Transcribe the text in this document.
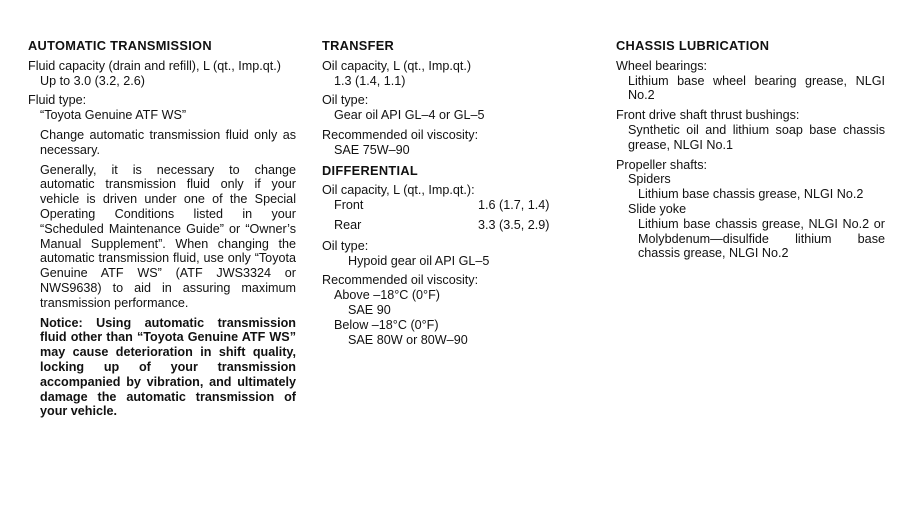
AUTOMATIC TRANSMISSION
Fluid capacity (drain and refill), L (qt., Imp.qt.)
Up to 3.0 (3.2, 2.6)
Fluid type:
“Toyota Genuine ATF WS”
Change automatic transmission fluid only as necessary.
Generally, it is necessary to change automatic transmission fluid only if your vehicle is driven under one of the Special Operating Conditions listed in your “Scheduled Maintenance Guide” or “Owner’s Manual Supplement”. When changing the automatic transmission fluid, use only “Toyota Genuine ATF WS” (ATF JWS3324 or NWS9638) to aid in assuring maximum transmission performance.
Notice: Using automatic transmission fluid other than “Toyota Genuine ATF WS” may cause deterioration in shift quality, locking up of your transmission accompanied by vibration, and ultimately damage the automatic transmission of your vehicle.
TRANSFER
Oil capacity, L (qt., Imp.qt.)
1.3 (1.4, 1.1)
Oil type:
Gear oil API GL–4 or GL–5
Recommended oil viscosity:
SAE 75W–90
DIFFERENTIAL
Oil capacity, L (qt., Imp.qt.):
Front	1.6 (1.7, 1.4)
Rear	3.3 (3.5, 2.9)
Oil type:
Hypoid gear oil API GL–5
Recommended oil viscosity:
Above –18°C (0°F)
SAE 90
Below –18°C (0°F)
SAE 80W or 80W–90
CHASSIS LUBRICATION
Wheel bearings:
Lithium base wheel bearing grease, NLGI No.2
Front drive shaft thrust bushings:
Synthetic oil and lithium soap base chassis grease, NLGI No.1
Propeller shafts:
Spiders
Lithium base chassis grease, NLGI No.2
Slide yoke
Lithium base chassis grease, NLGI No.2 or Molybdenum—disulfide lithium base chassis grease, NLGI No.2
